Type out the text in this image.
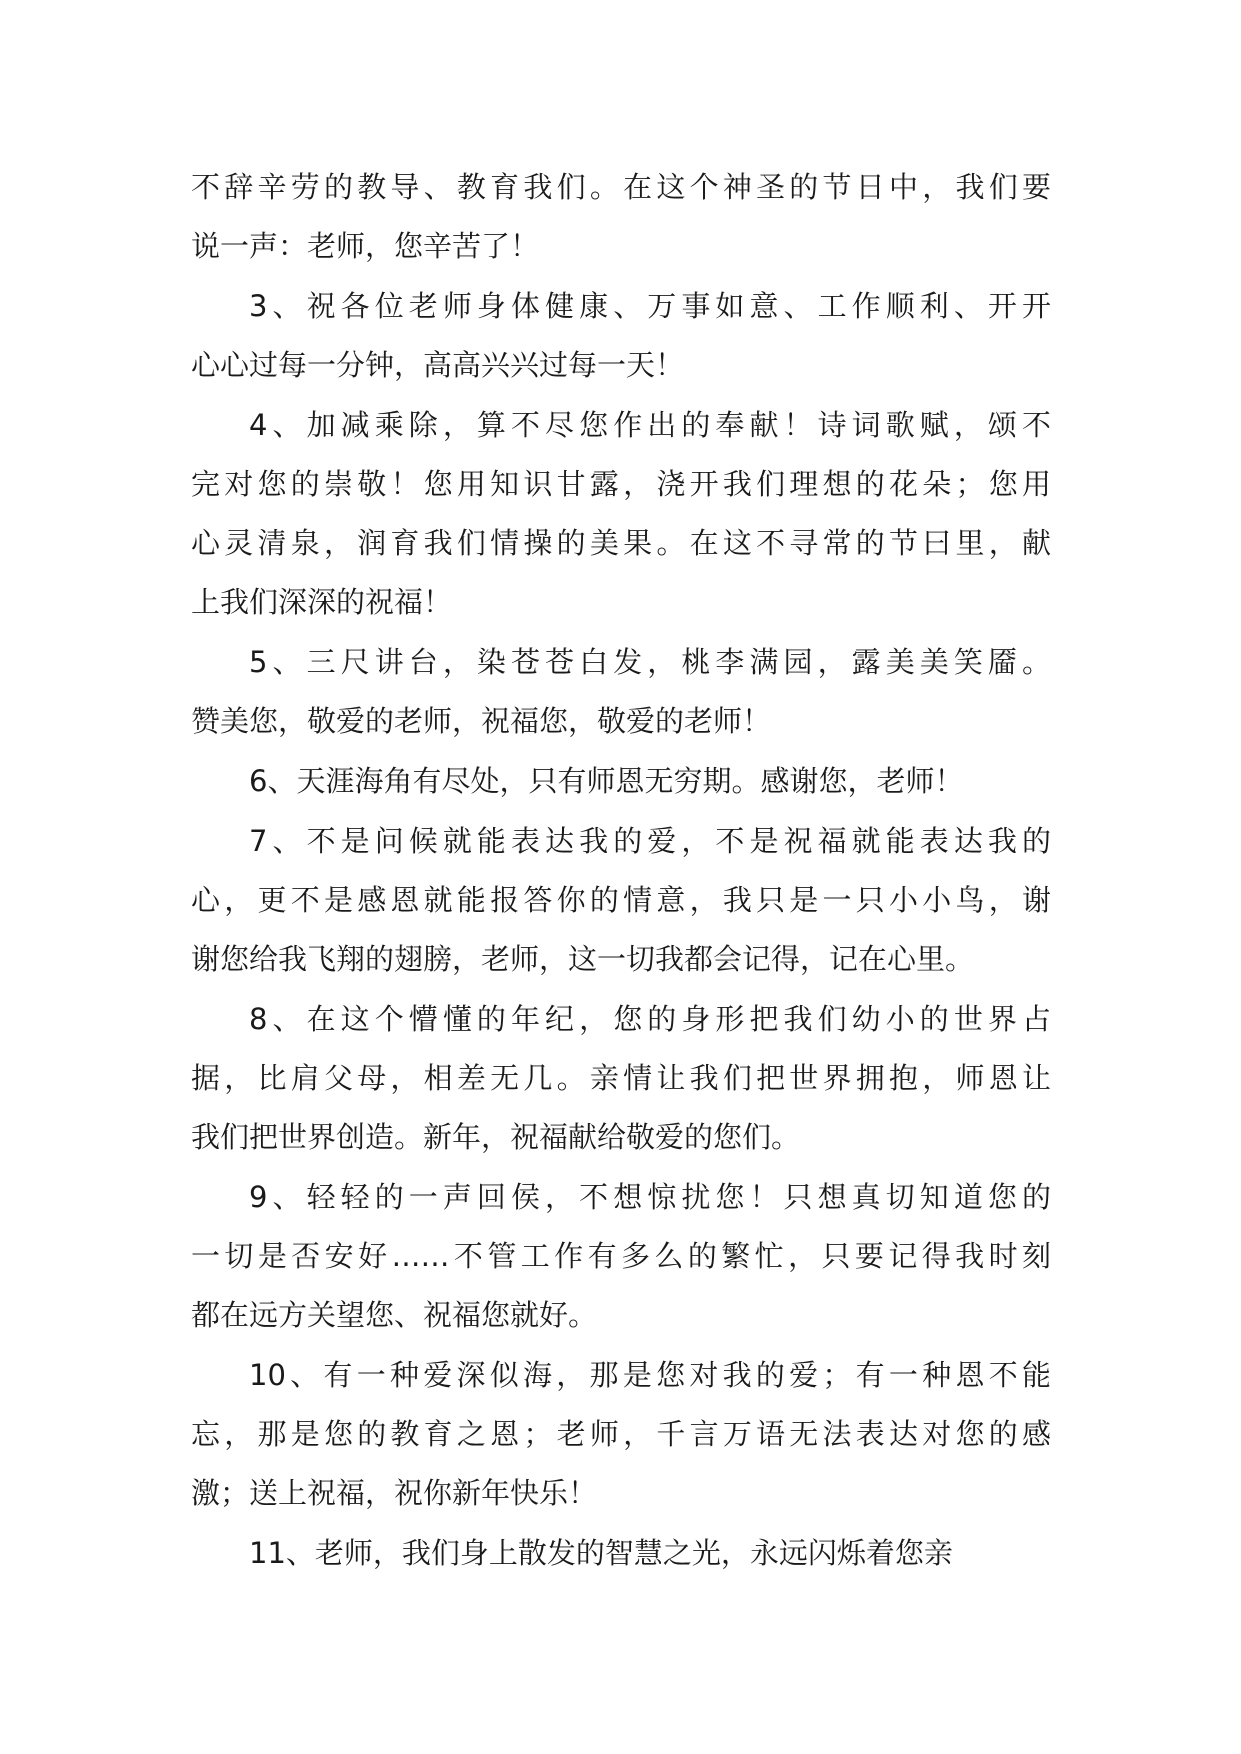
不辞辛劳的教导、教育我们。在这个神圣的节日中，我们要
说一声：老师，您辛苦了！
3、祝各位老师身体健康、万事如意、工作顺利、开开
心心过每一分钟，高高兴兴过每一天！
4、加减乘除，算不尽您作出的奉献！诗词歌赋，颂不
完对您的崇敬！您用知识甘露，浇开我们理想的花朵；您用
心灵清泉，润育我们情操的美果。在这不寻常的节曰里，献
上我们深深的祝福！
5、三尺讲台，染苍苍白发，桃李满园，露美美笑靥。
赞美您，敬爱的老师，祝福您，敬爱的老师！
6、天涯海角有尽处，只有师恩无穷期。感谢您，老师！
7、不是问候就能表达我的爱，不是祝福就能表达我的
心，更不是感恩就能报答你的情意，我只是一只小小鸟，谢
谢您给我飞翔的翅膀，老师，这一切我都会记得，记在心里。
8、在这个懵懂的年纪，您的身形把我们幼小的世界占
据，比肩父母，相差无几。亲情让我们把世界拥抱，师恩让
我们把世界创造。新年，祝福献给敬爱的您们。
9、轻轻的一声回侯，不想惊扰您！只想真切知道您的
一切是否安好……不管工作有多么的繁忙，只要记得我时刻
都在远方关望您、祝福您就好。
10、有一种爱深似海，那是您对我的爱；有一种恩不能
忘，那是您的教育之恩；老师，千言万语无法表达对您的感
激；送上祝福，祝你新年快乐！
11、老师，我们身上散发的智慧之光，永远闪烁着您亲
